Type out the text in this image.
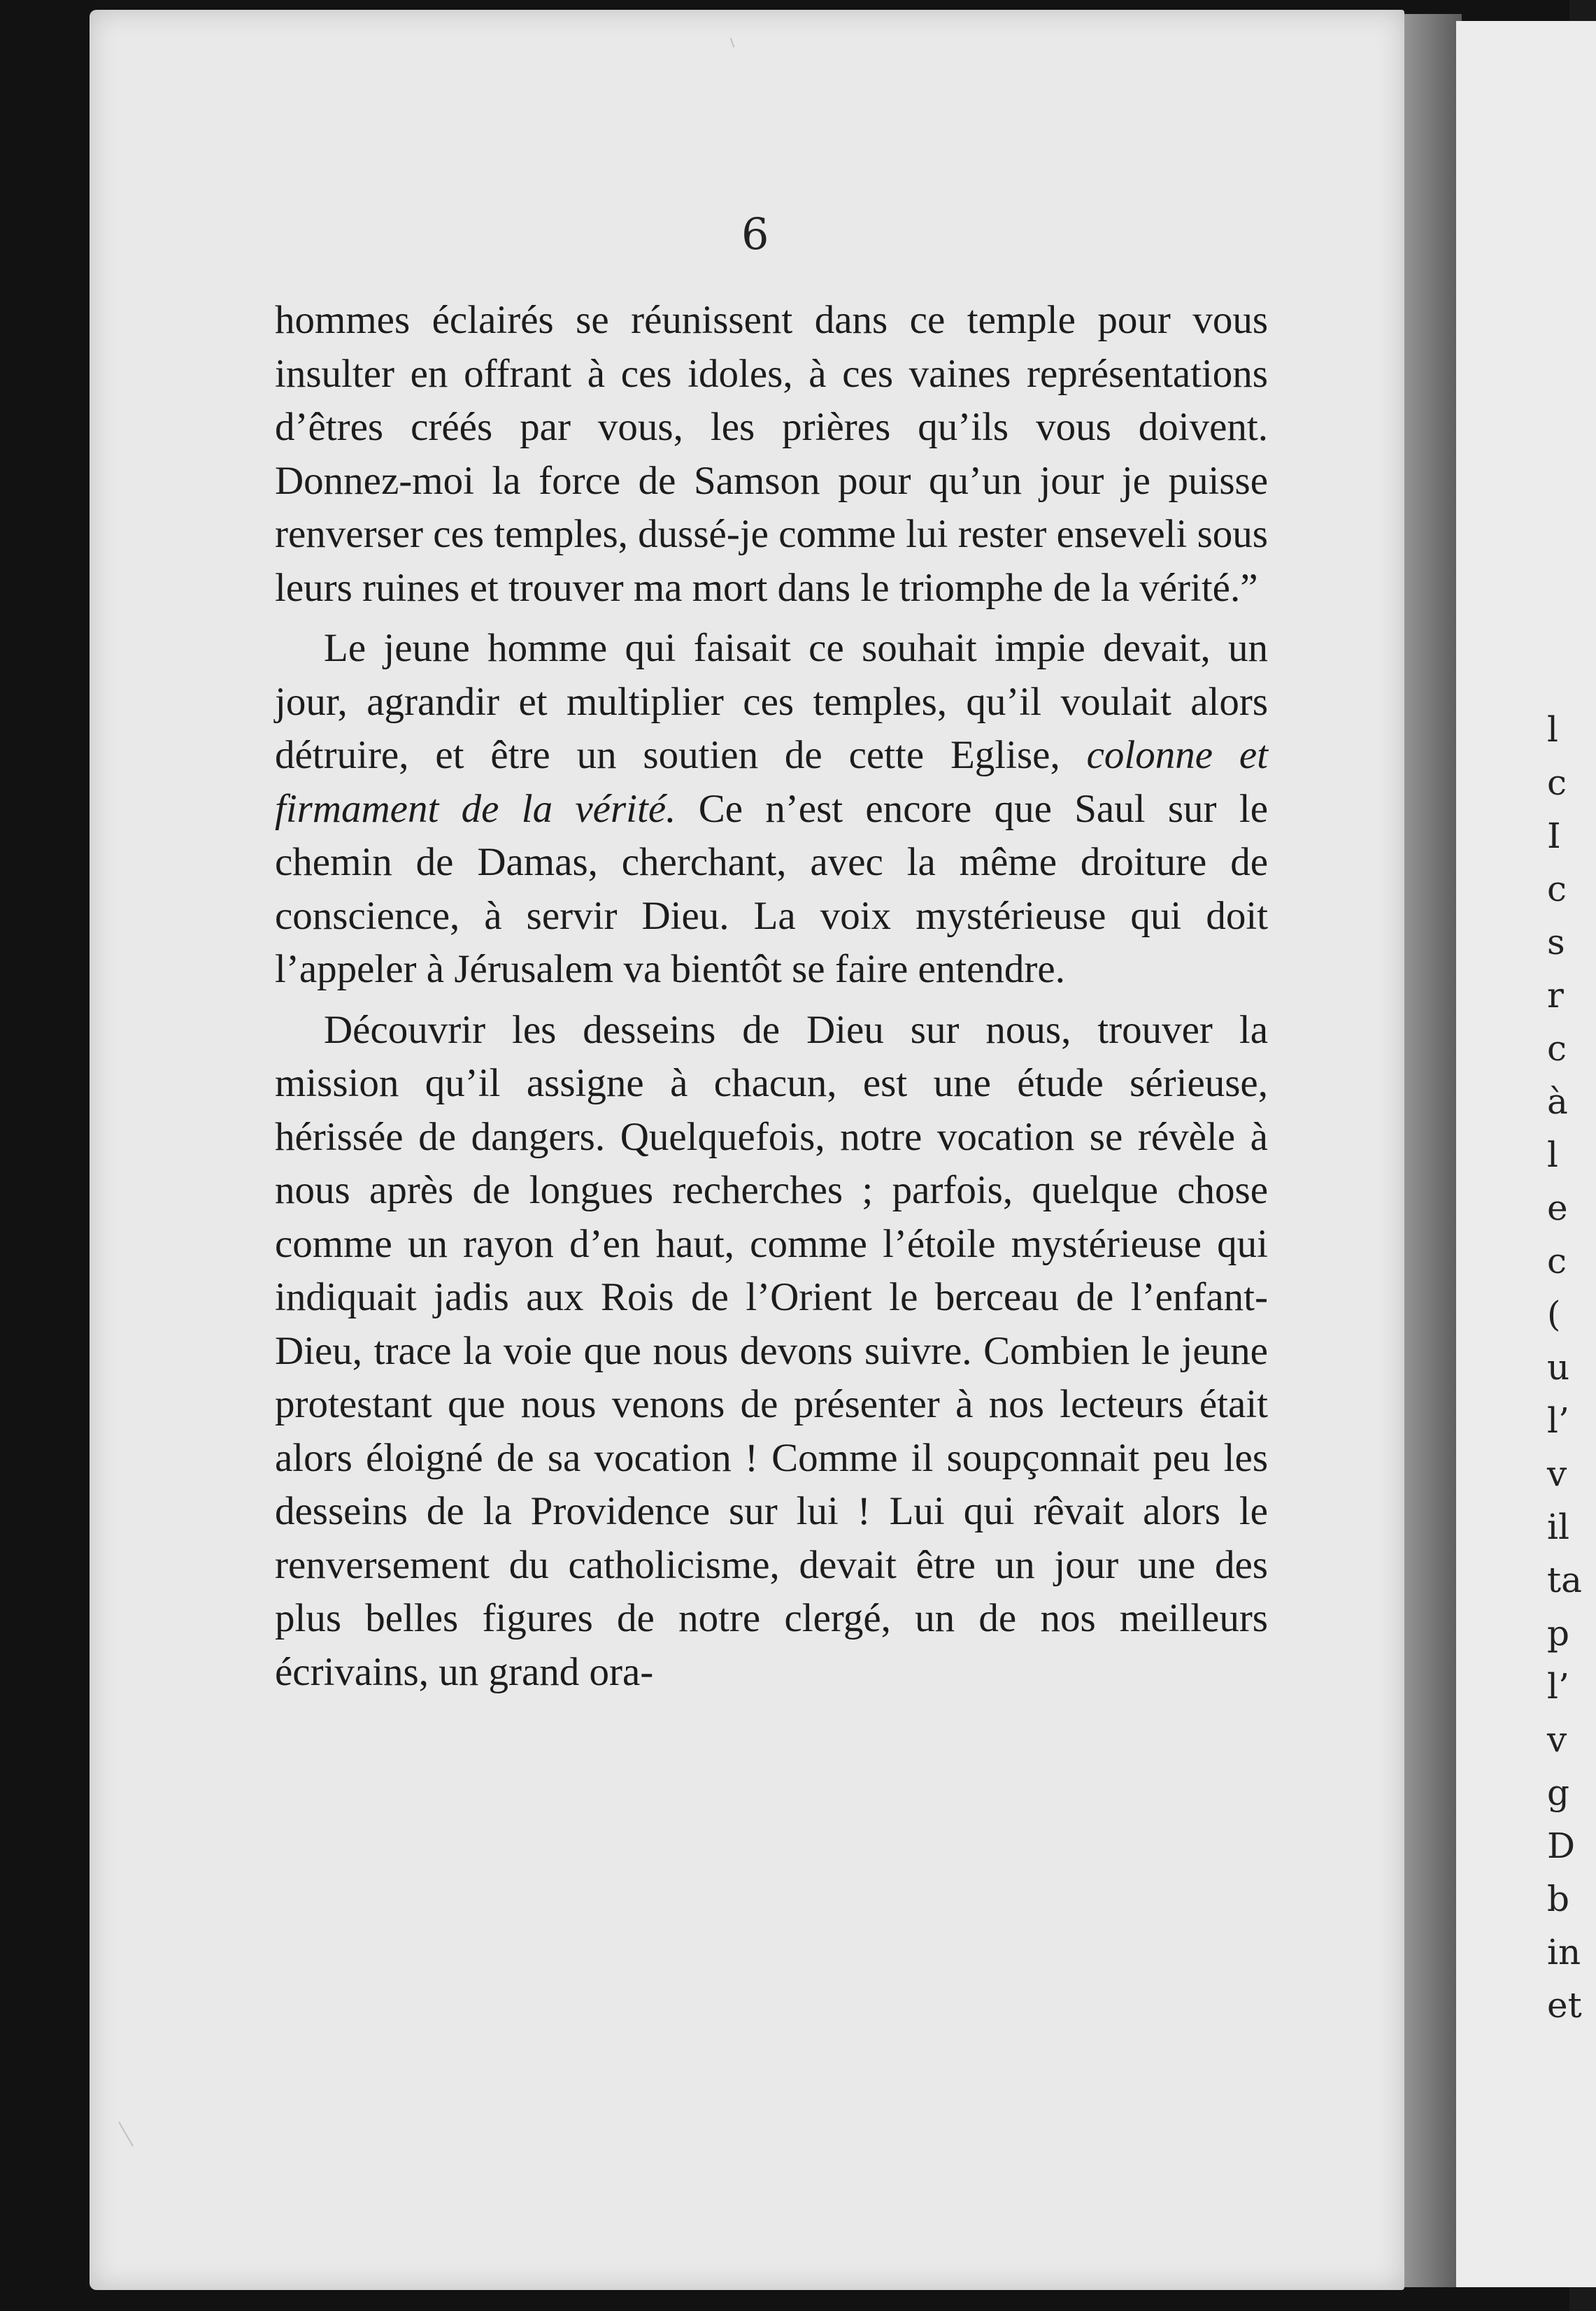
l
c
I
c
s
r
c
à
l
e
c
(
u
l’
v
il
ta
p
l’
v
g
D
b
in
et
6

hommes éclairés se réunissent dans ce temple pour vous insulter en offrant à ces idoles, à ces vaines représentations d’êtres créés par vous, les prières qu’ils vous doivent. Donnez-moi la force de Samson pour qu’un jour je puisse renverser ces temples, dussé-je comme lui rester enseveli sous leurs ruines et trouver ma mort dans le triomphe de la vérité.”

Le jeune homme qui faisait ce souhait impie devait, un jour, agrandir et multiplier ces temples, qu’il voulait alors détruire, et être un soutien de cette Eglise, colonne et firmament de la vérité. Ce n’est encore que Saul sur le chemin de Damas, cherchant, avec la même droiture de conscience, à servir Dieu. La voix mystérieuse qui doit l’appeler à Jérusalem va bientôt se faire entendre.

Découvrir les desseins de Dieu sur nous, trouver la mission qu’il assigne à chacun, est une étude sérieuse, hérissée de dangers. Quelquefois, notre vocation se révèle à nous après de longues recherches ; parfois, quelque chose comme un rayon d’en haut, comme l’étoile mystérieuse qui indiquait jadis aux Rois de l’Orient le berceau de l’enfant-Dieu, trace la voie que nous devons suivre. Combien le jeune protestant que nous venons de présenter à nos lecteurs était alors éloigné de sa vocation ! Comme il soupçonnait peu les desseins de la Providence sur lui ! Lui qui rêvait alors le renversement du catholicisme, devait être un jour une des plus belles figures de notre clergé, un de nos meilleurs écrivains, un grand ora-
